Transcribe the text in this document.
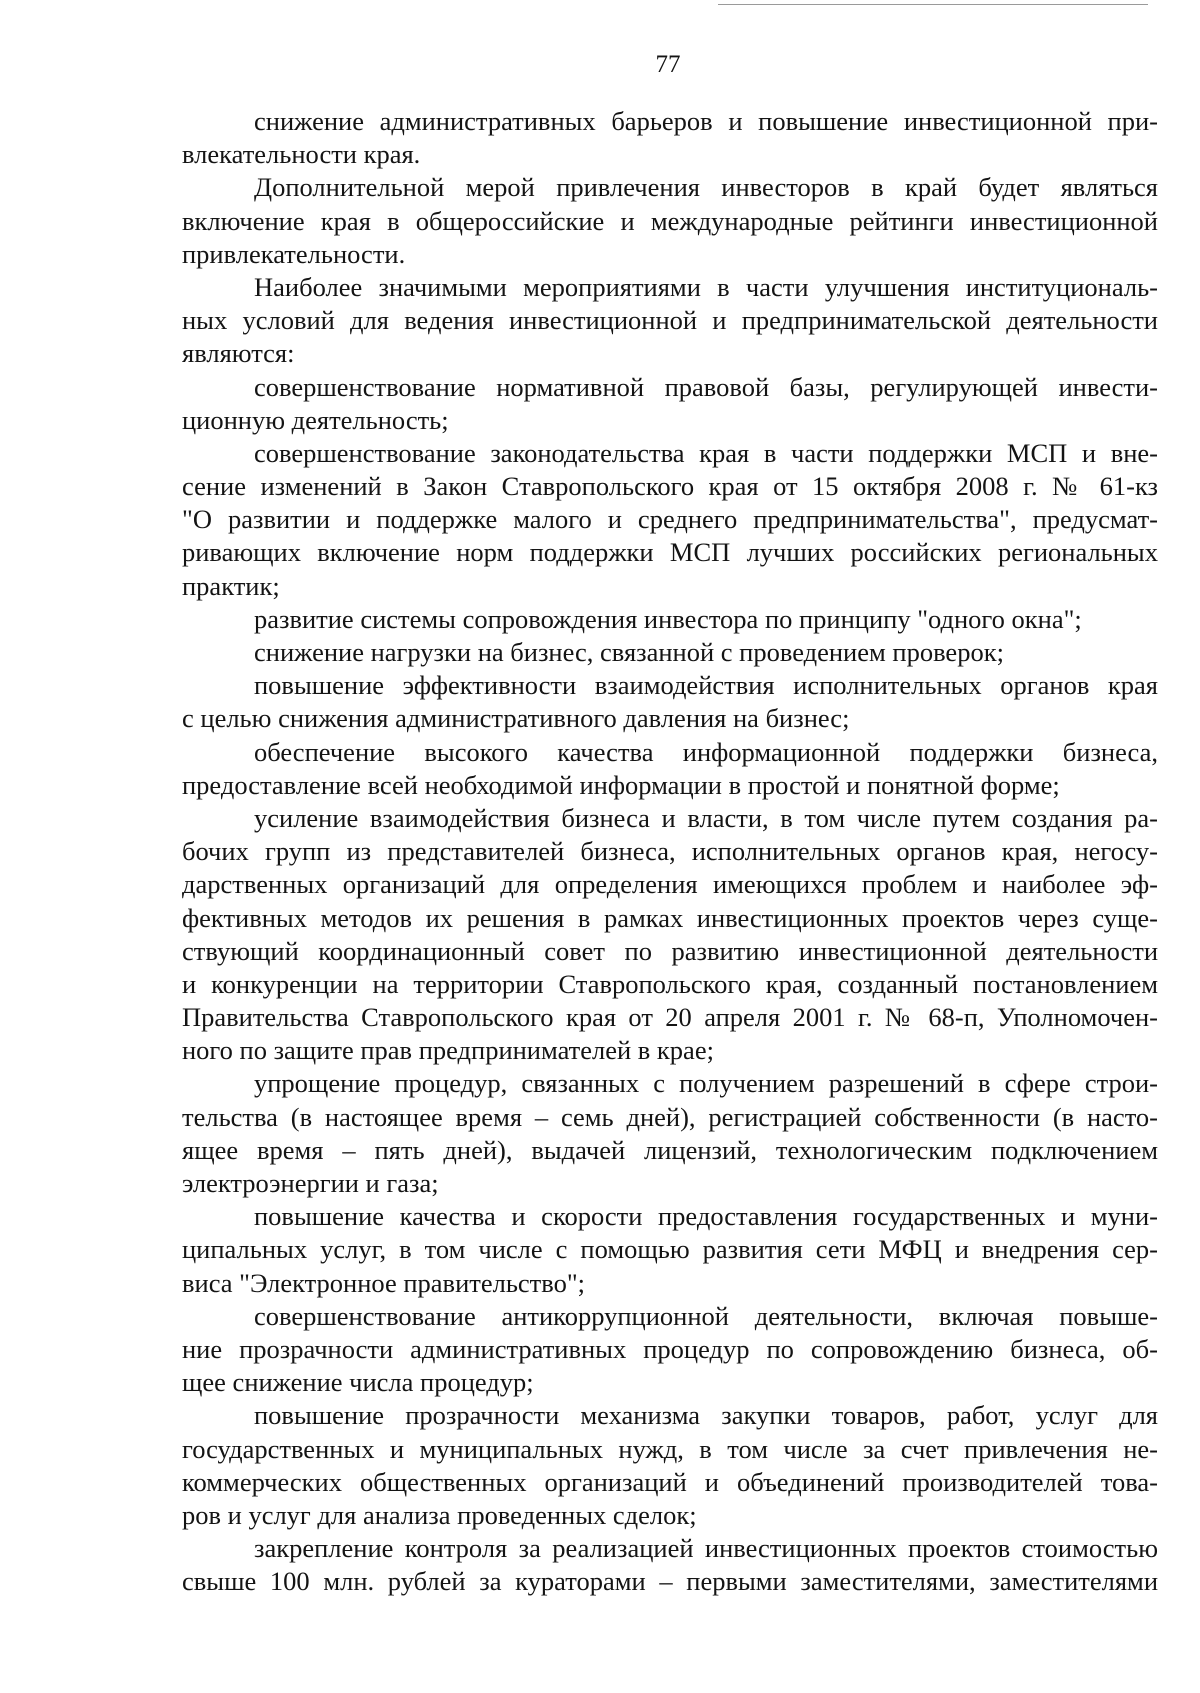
77
снижение административных барьеров и повышение инвестиционной при-
влекательности края.
Дополнительной мерой привлечения инвесторов в край будет являться
включение края в общероссийские и международные рейтинги инвестиционной
привлекательности.
Наиболее значимыми мероприятиями в части улучшения институциональ-
ных условий для ведения инвестиционной и предпринимательской деятельности
являются:
совершенствование нормативной правовой базы, регулирующей инвести-
ционную деятельность;
совершенствование законодательства края в части поддержки МСП и вне-
сение изменений в Закон Ставропольского края от 15 октября 2008 г. № 61-кз
"О развитии и поддержке малого и среднего предпринимательства", предусмат-
ривающих включение норм поддержки МСП лучших российских региональных
практик;
развитие системы сопровождения инвестора по принципу "одного окна";
снижение нагрузки на бизнес, связанной с проведением проверок;
повышение эффективности взаимодействия исполнительных органов края
с целью снижения административного давления на бизнес;
обеспечение высокого качества информационной поддержки бизнеса,
предоставление всей необходимой информации в простой и понятной форме;
усиление взаимодействия бизнеса и власти, в том числе путем создания ра-
бочих групп из представителей бизнеса, исполнительных органов края, негосу-
дарственных организаций для определения имеющихся проблем и наиболее эф-
фективных методов их решения в рамках инвестиционных проектов через суще-
ствующий координационный совет по развитию инвестиционной деятельности
и конкуренции на территории Ставропольского края, созданный постановлением
Правительства Ставропольского края от 20 апреля 2001 г. № 68-п, Уполномочен-
ного по защите прав предпринимателей в крае;
упрощение процедур, связанных с получением разрешений в сфере строи-
тельства (в настоящее время – семь дней), регистрацией собственности (в насто-
ящее время – пять дней), выдачей лицензий, технологическим подключением
электроэнергии и газа;
повышение качества и скорости предоставления государственных и муни-
ципальных услуг, в том числе с помощью развития сети МФЦ и внедрения сер-
виса "Электронное правительство";
совершенствование антикоррупционной деятельности, включая повыше-
ние прозрачности административных процедур по сопровождению бизнеса, об-
щее снижение числа процедур;
повышение прозрачности механизма закупки товаров, работ, услуг для
государственных и муниципальных нужд, в том числе за счет привлечения не-
коммерческих общественных организаций и объединений производителей това-
ров и услуг для анализа проведенных сделок;
закрепление контроля за реализацией инвестиционных проектов стоимостью
свыше 100 млн. рублей за кураторами – первыми заместителями, заместителями
